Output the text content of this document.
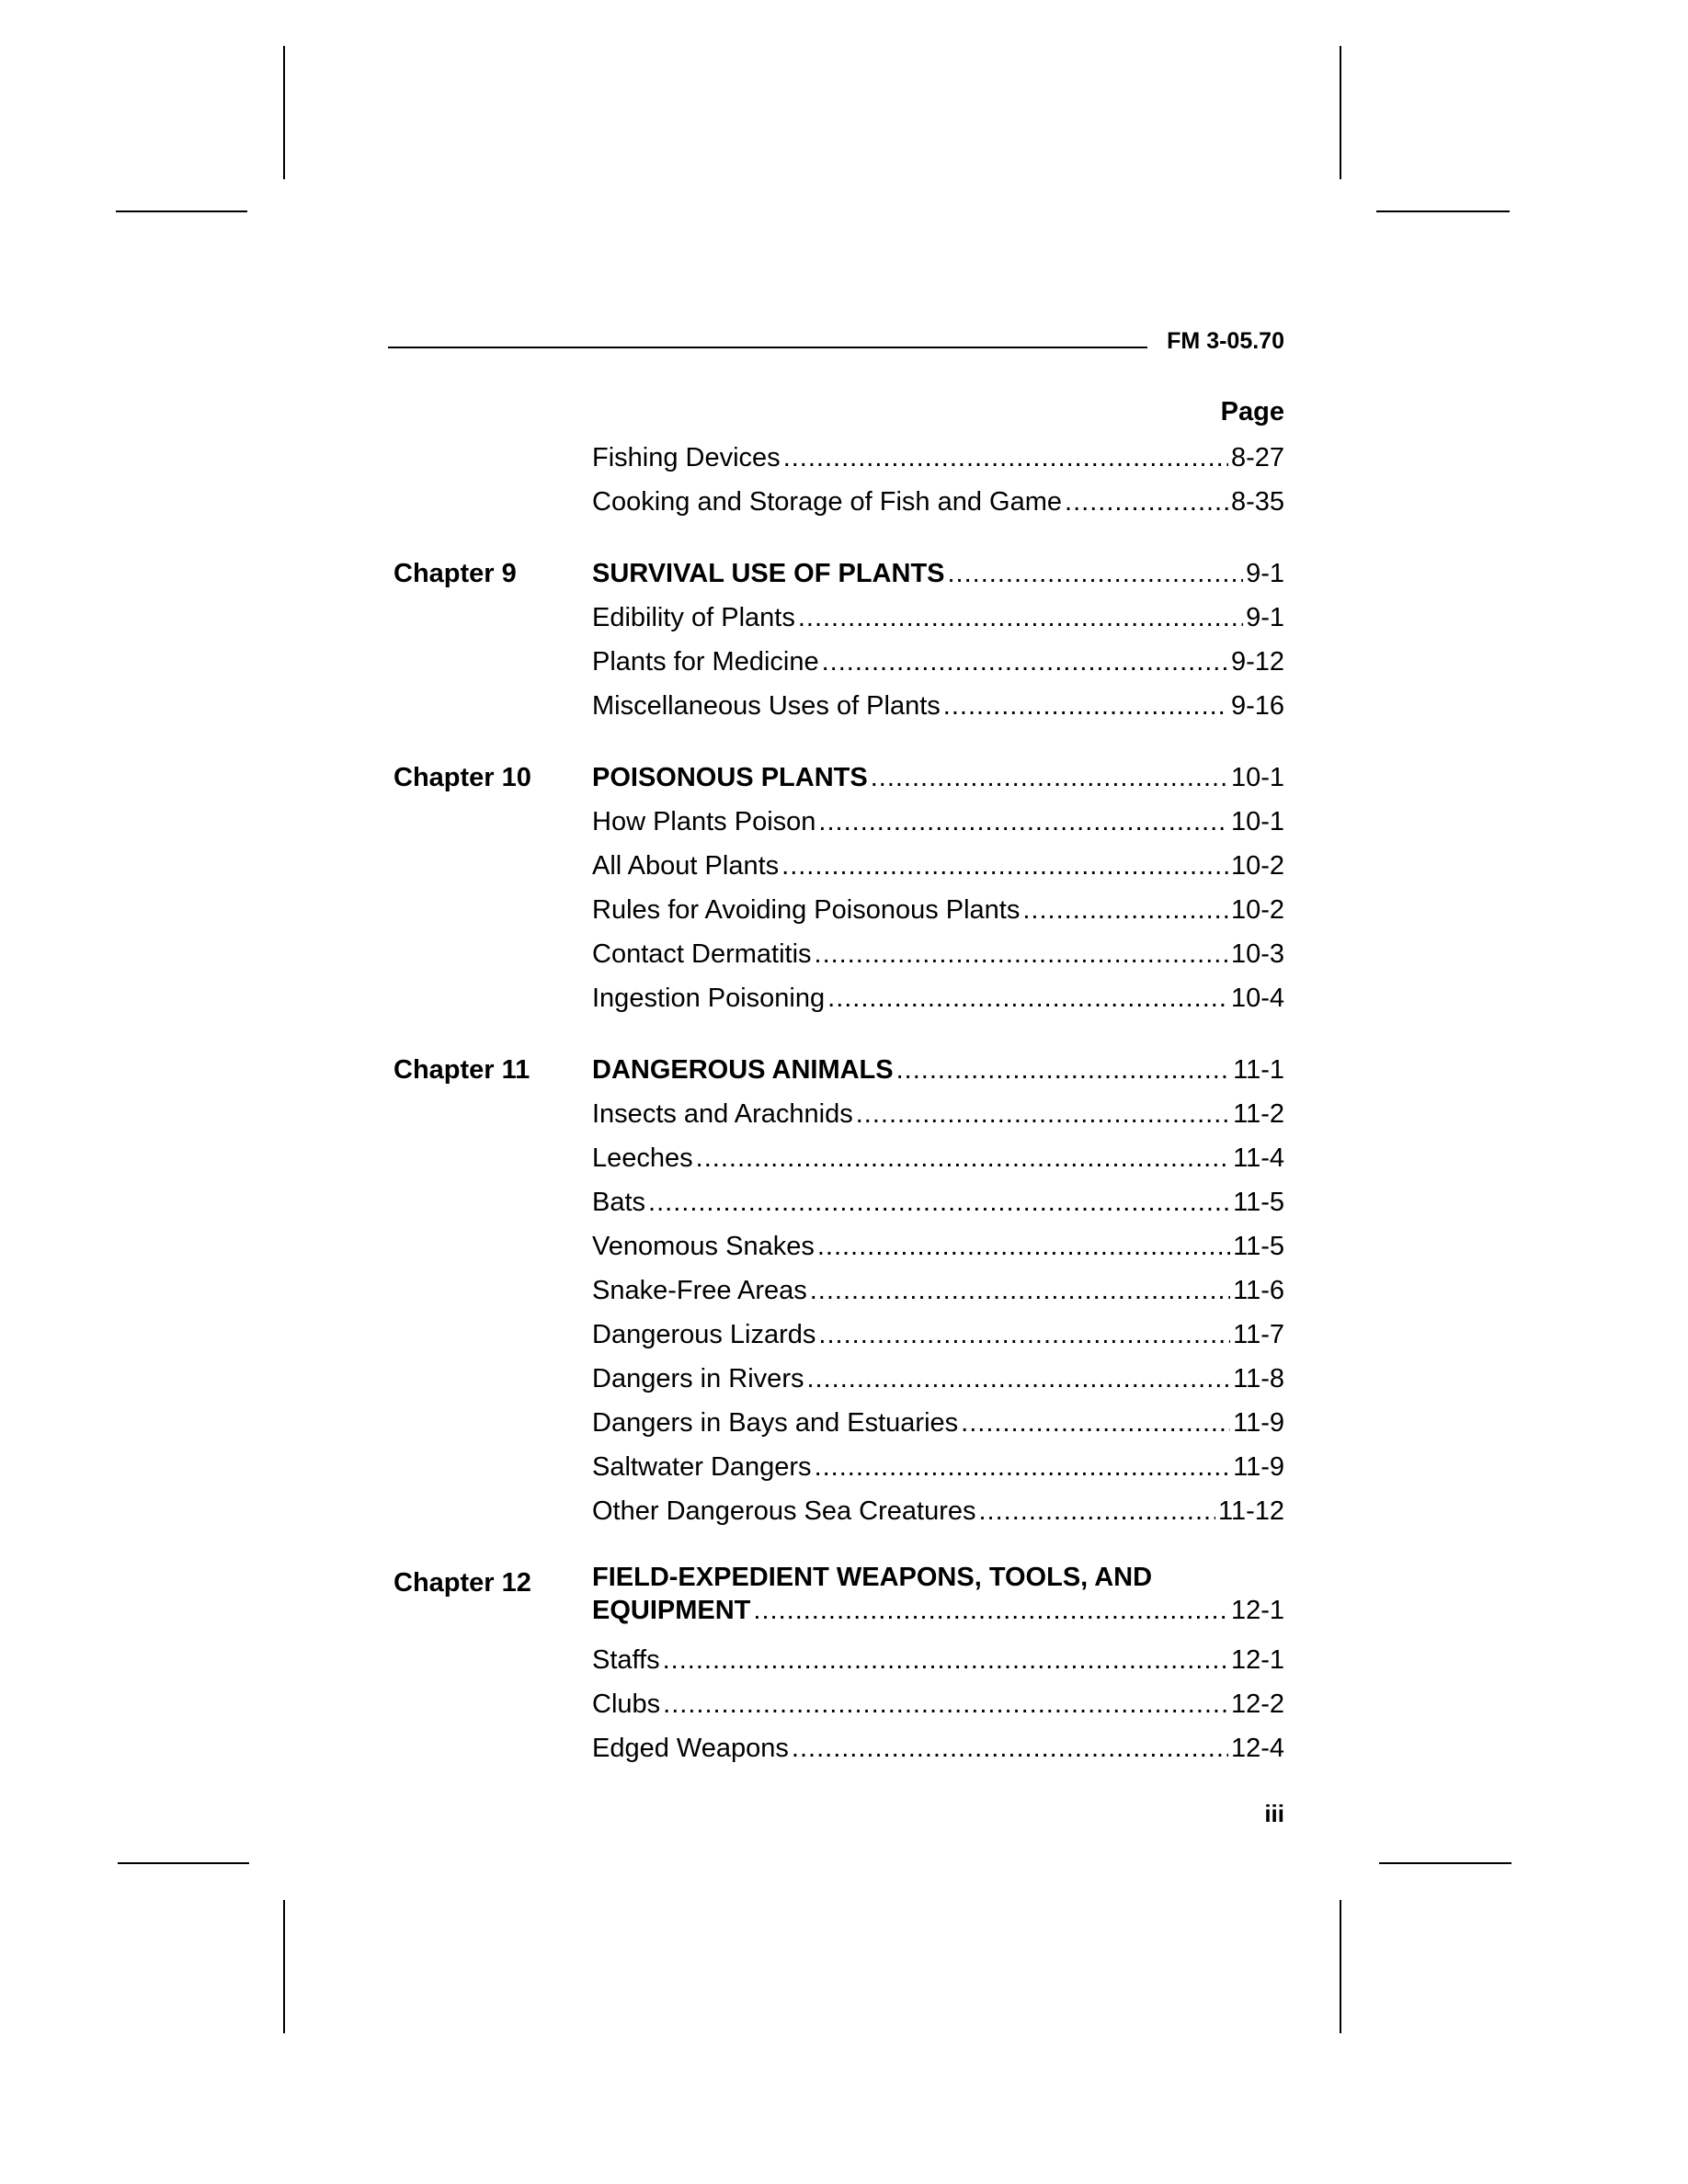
FM 3-05.70
Page
Fishing Devices .....	8-27
Cooking and Storage of Fish and Game .....	8-35
Chapter 9	SURVIVAL USE OF PLANTS .....	9-1
Edibility of Plants .....	9-1
Plants for Medicine .....	9-12
Miscellaneous Uses of Plants .....	9-16
Chapter 10	POISONOUS PLANTS .....	10-1
How Plants Poison .....	10-1
All About Plants .....	10-2
Rules for Avoiding Poisonous Plants .....	10-2
Contact Dermatitis .....	10-3
Ingestion Poisoning .....	10-4
Chapter 11	DANGEROUS ANIMALS .....	11-1
Insects and Arachnids .....	11-2
Leeches .....	11-4
Bats .....	11-5
Venomous Snakes .....	11-5
Snake-Free Areas .....	11-6
Dangerous Lizards .....	11-7
Dangers in Rivers .....	11-8
Dangers in Bays and Estuaries .....	11-9
Saltwater Dangers .....	11-9
Other Dangerous Sea Creatures .....	11-12
Chapter 12	FIELD-EXPEDIENT WEAPONS, TOOLS, AND
EQUIPMENT .....	12-1
Staffs .....	12-1
Clubs .....	12-2
Edged Weapons .....	12-4
iii
